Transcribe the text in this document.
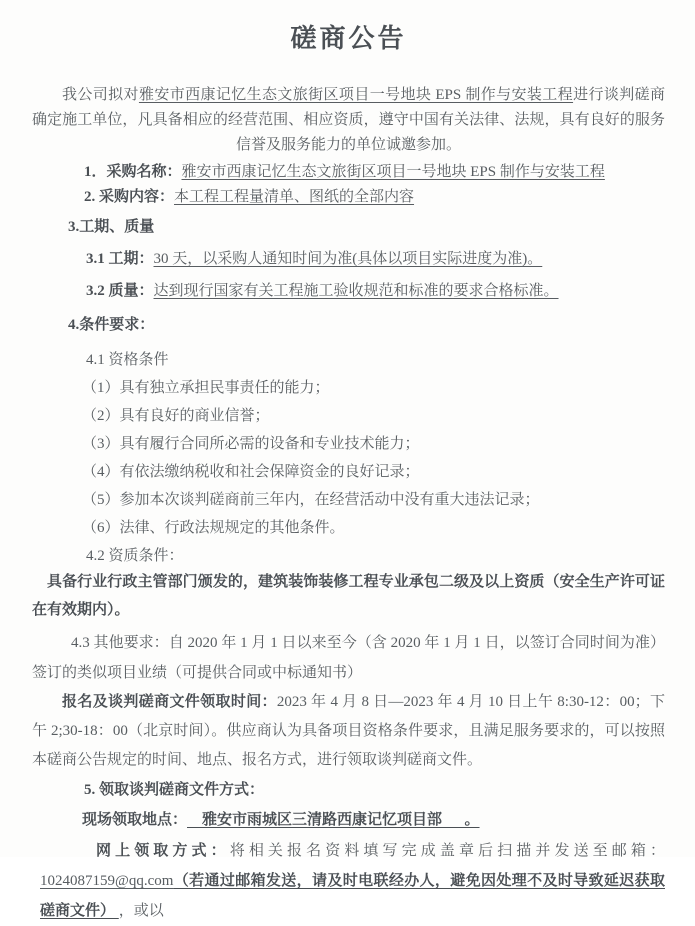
磋商公告

我公司拟对雅安市西康记忆生态文旅街区项目一号地块 EPS 制作与安装工程进行谈判磋商确定施工单位，凡具备相应的经营范围、相应资质，遵守中国有关法律、法规，具有良好的服务信誉及服务能力的单位诚邀参加。

1．采购名称：雅安市西康记忆生态文旅街区项目一号地块 EPS 制作与安装工程

2. 采购内容：本工程工程量清单、图纸的全部内容

3.工期、质量

3.1 工期：30 天，以采购人通知时间为准(具体以项目实际进度为准)。

3.2 质量：达到现行国家有关工程施工验收规范和标准的要求合格标准。

4.条件要求：

4.1 资格条件

（1）具有独立承担民事责任的能力；

（2）具有良好的商业信誉；

（3）具有履行合同所必需的设备和专业技术能力；

（4）有依法缴纳税收和社会保障资金的良好记录；

（5）参加本次谈判磋商前三年内，在经营活动中没有重大违法记录；

（6）法律、行政法规规定的其他条件。

4.2 资质条件：

具备行业行政主管部门颁发的，建筑装饰装修工程专业承包二级及以上资质（安全生产许可证在有效期内）。

4.3 其他要求：自 2020 年 1 月 1 日以来至今（含 2020 年 1 月 1 日，以签订合同时间为准）签订的类似项目业绩（可提供合同或中标通知书）

报名及谈判磋商文件领取时间：2023 年 4 月 8 日—2023 年 4 月 10 日上午 8:30-12：00；下午 2;30-18：00（北京时间）。供应商认为具备项目资格条件要求，且满足服务要求的，可以按照本磋商公告规定的时间、地点、报名方式，进行领取谈判磋商文件。

5. 领取谈判磋商文件方式：

现场领取地点：    雅安市雨城区三清路西康记忆项目部      。

网上领取方式：将相关报名资料填写完成盖章后扫描并发送至邮箱： 1024087159@qq.com（若通过邮箱发送，请及时电联经办人，避免因处理不及时导致延迟获取磋商文件） ，或以
